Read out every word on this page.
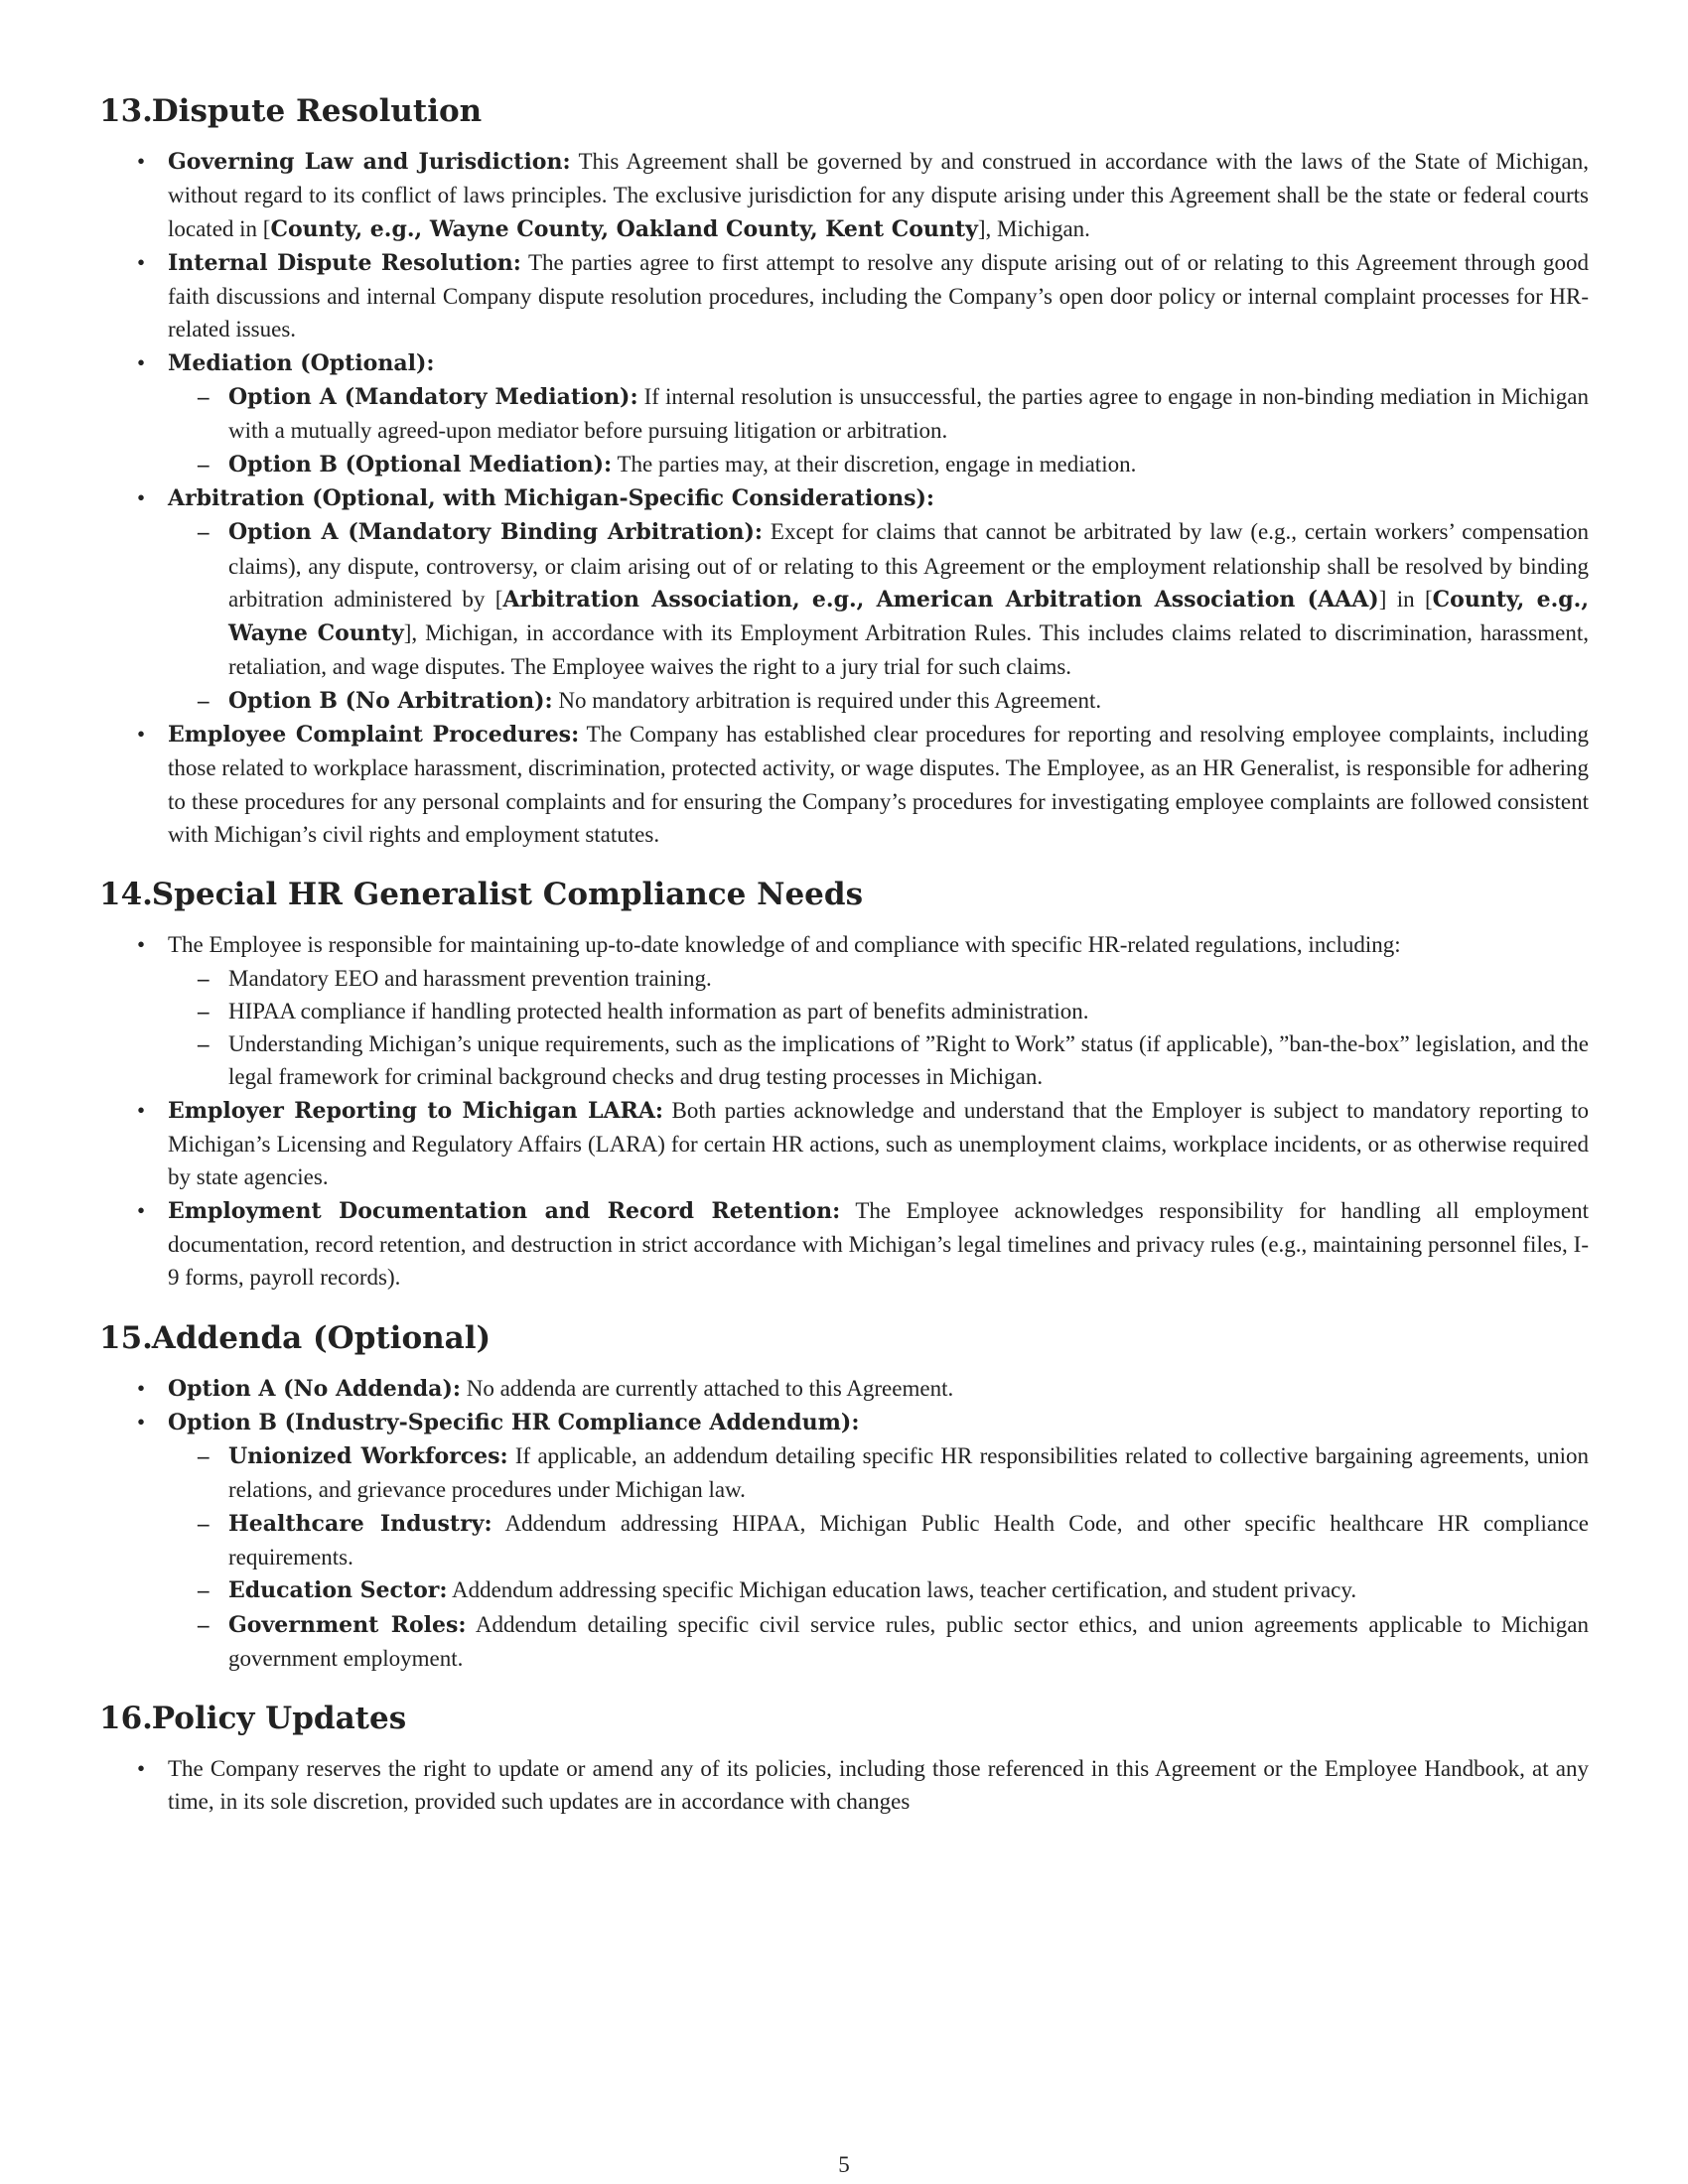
13. Dispute Resolution
• Governing Law and Jurisdiction: This Agreement shall be governed by and construed in accordance with the laws of the State of Michigan, without regard to its conflict of laws principles. The exclusive jurisdiction for any dispute arising under this Agreement shall be the state or federal courts located in [County, e.g., Wayne County, Oakland County, Kent County], Michigan.
• Internal Dispute Resolution: The parties agree to first attempt to resolve any dispute arising out of or relating to this Agreement through good faith discussions and internal Company dispute resolution procedures, including the Company’s open door policy or internal complaint processes for HR-related issues.
• Mediation (Optional):
– Option A (Mandatory Mediation): If internal resolution is unsuccessful, the parties agree to engage in non-binding mediation in Michigan with a mutually agreed-upon mediator before pursuing litigation or arbitration.
– Option B (Optional Mediation): The parties may, at their discretion, engage in mediation.
• Arbitration (Optional, with Michigan-Specific Considerations):
– Option A (Mandatory Binding Arbitration): Except for claims that cannot be arbitrated by law (e.g., certain workers’ compensation claims), any dispute, controversy, or claim arising out of or relating to this Agreement or the employment relationship shall be resolved by binding arbitration administered by [Arbitration Association, e.g., American Arbitration Association (AAA)] in [County, e.g., Wayne County], Michigan, in accordance with its Employment Arbitration Rules. This includes claims related to discrimination, harassment, retaliation, and wage disputes. The Employee waives the right to a jury trial for such claims.
– Option B (No Arbitration): No mandatory arbitration is required under this Agreement.
• Employee Complaint Procedures: The Company has established clear procedures for reporting and resolving employee complaints, including those related to workplace harassment, discrimination, protected activity, or wage disputes. The Employee, as an HR Generalist, is responsible for adhering to these procedures for any personal complaints and for ensuring the Company’s procedures for investigating employee complaints are followed consistent with Michigan’s civil rights and employment statutes.
14. Special HR Generalist Compliance Needs
• The Employee is responsible for maintaining up-to-date knowledge of and compliance with specific HR-related regulations, including:
– Mandatory EEO and harassment prevention training.
– HIPAA compliance if handling protected health information as part of benefits administration.
– Understanding Michigan’s unique requirements, such as the implications of ”Right to Work” status (if applicable), ”ban-the-box” legislation, and the legal framework for criminal background checks and drug testing processes in Michigan.
• Employer Reporting to Michigan LARA: Both parties acknowledge and understand that the Employer is subject to mandatory reporting to Michigan’s Licensing and Regulatory Affairs (LARA) for certain HR actions, such as unemployment claims, workplace incidents, or as otherwise required by state agencies.
• Employment Documentation and Record Retention: The Employee acknowledges responsibility for handling all employment documentation, record retention, and destruction in strict accordance with Michigan’s legal timelines and privacy rules (e.g., maintaining personnel files, I-9 forms, payroll records).
15. Addenda (Optional)
• Option A (No Addenda): No addenda are currently attached to this Agreement.
• Option B (Industry-Specific HR Compliance Addendum):
– Unionized Workforces: If applicable, an addendum detailing specific HR responsibilities related to collective bargaining agreements, union relations, and grievance procedures under Michigan law.
– Healthcare Industry: Addendum addressing HIPAA, Michigan Public Health Code, and other specific healthcare HR compliance requirements.
– Education Sector: Addendum addressing specific Michigan education laws, teacher certification, and student privacy.
– Government Roles: Addendum detailing specific civil service rules, public sector ethics, and union agreements applicable to Michigan government employment.
16. Policy Updates
• The Company reserves the right to update or amend any of its policies, including those referenced in this Agreement or the Employee Handbook, at any time, in its sole discretion, provided such updates are in accordance with changes
5
